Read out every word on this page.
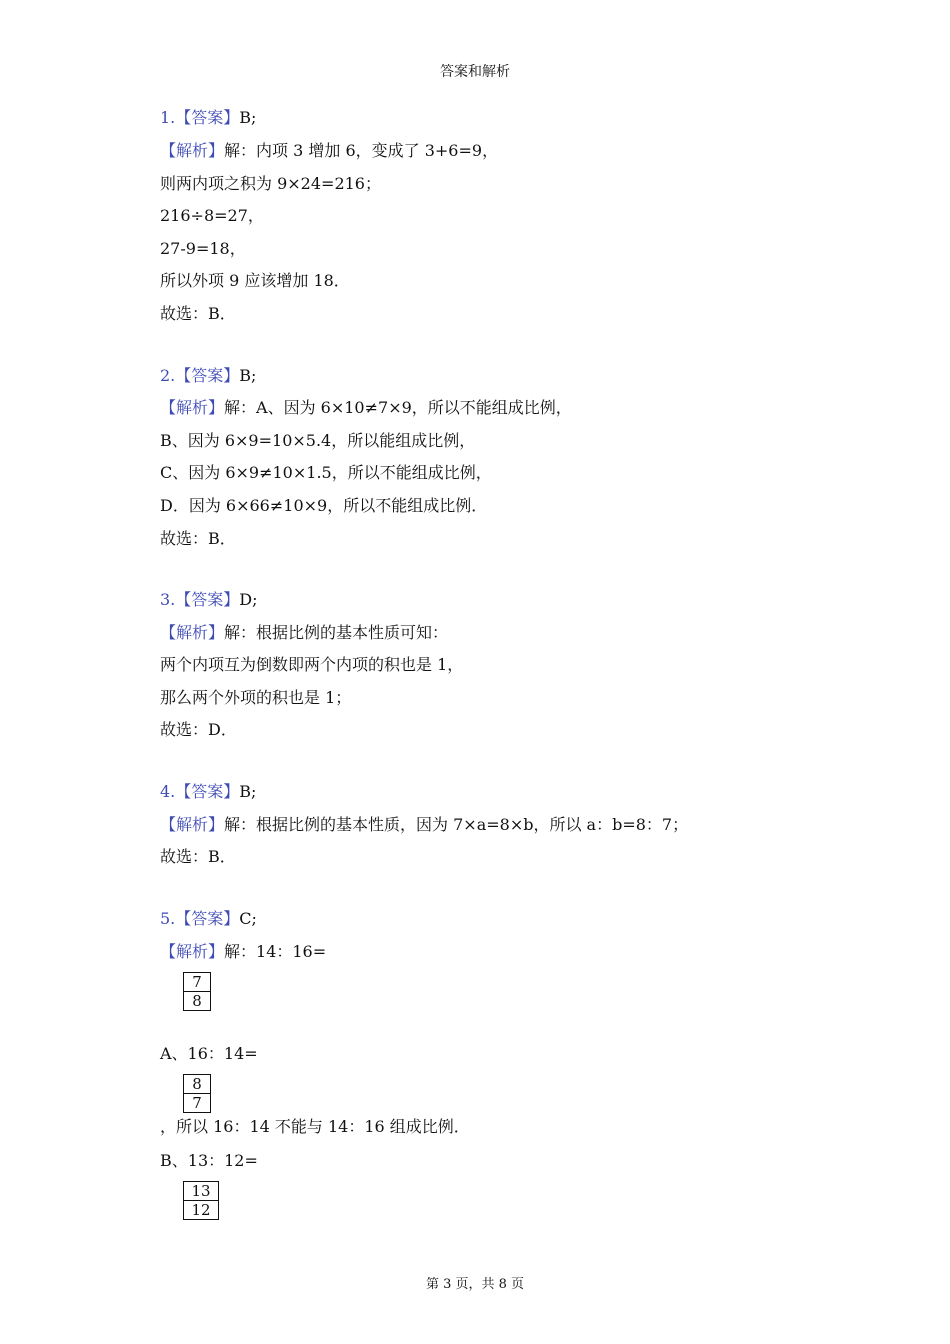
答案和解析
1.【答案】B;
【解析】解：内项 3 增加 6，变成了 3+6=9，
则两内项之积为 9×24=216；
216÷8=27，
27-9=18，
所以外项 9 应该增加 18．
故选：B．
2.【答案】B;
【解析】解：A、因为 6×10≠7×9，所以不能组成比例，
B、因为 6×9=10×5.4，所以能组成比例，
C、因为 6×9≠10×1.5，所以不能组成比例，
D．因为 6×66≠10×9，所以不能组成比例．
故选：B．
3.【答案】D;
【解析】解：根据比例的基本性质可知：
两个内项互为倒数即两个内项的积也是 1，
那么两个外项的积也是 1；
故选：D．
4.【答案】B;
【解析】解：根据比例的基本性质，因为 7×a=8×b，所以 a：b=8：7；
故选：B．
5.【答案】C;
【解析】解：14：16=
$\frac{7}{8}$
A、16：14=
$\frac{8}{7}$
，所以 16：14 不能与 14：16 组成比例．
B、13：12=
$\frac{13}{12}$
第 3 页，共 8 页
